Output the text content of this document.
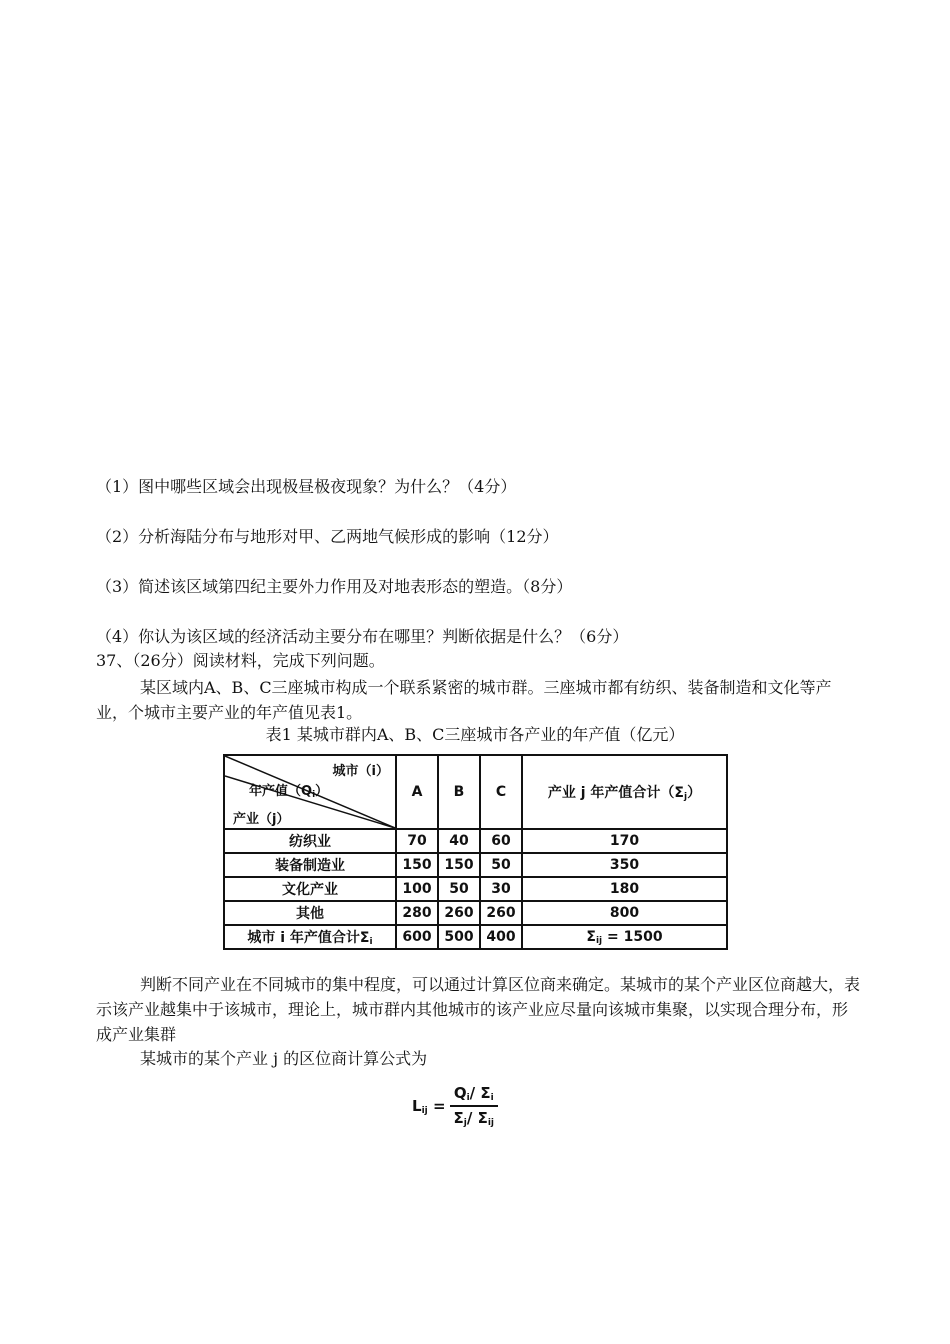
（1）图中哪些区域会出现极昼极夜现象？为什么？（4分）
（2）分析海陆分布与地形对甲、乙两地气候形成的影响（12分）
（3）简述该区域第四纪主要外力作用及对地表形态的塑造。（8分）
（4）你认为该区域的经济活动主要分布在哪里？判断依据是什么？（6分）
37、（26分）阅读材料，完成下列问题。
某区域内A、B、C三座城市构成一个联系紧密的城市群。三座城市都有纺织、装备制造和文化等产业，个城市主要产业的年产值见表1。
表1 某城市群内A、B、C三座城市各产业的年产值（亿元）
城市（i）
年产值$(Q_i)$
产业（j）	A	B	C	产业 j 年产值合计$(\Sigma_j)$
纺织业	70	40	60	170
装备制造业	150	150	50	350
文化产业	100	50	30	180
其他	280	260	260	800
城市 i 年产值合计$\Sigma_i$	600	500	400	$\Sigma_{ij} = 1500$
判断不同产业在不同城市的集中程度，可以通过计算区位商来确定。某城市的某个产业区位商越大，表示该产业越集中于该城市，理论上，城市群内其他城市的该产业应尽量向该城市集聚，以实现合理分布，形成产业集群
某城市的某个产业 j 的区位商计算公式为
$L_{ij} = \frac{Q_i/ \Sigma_i}{\Sigma_j/ \Sigma_{ij}}$
